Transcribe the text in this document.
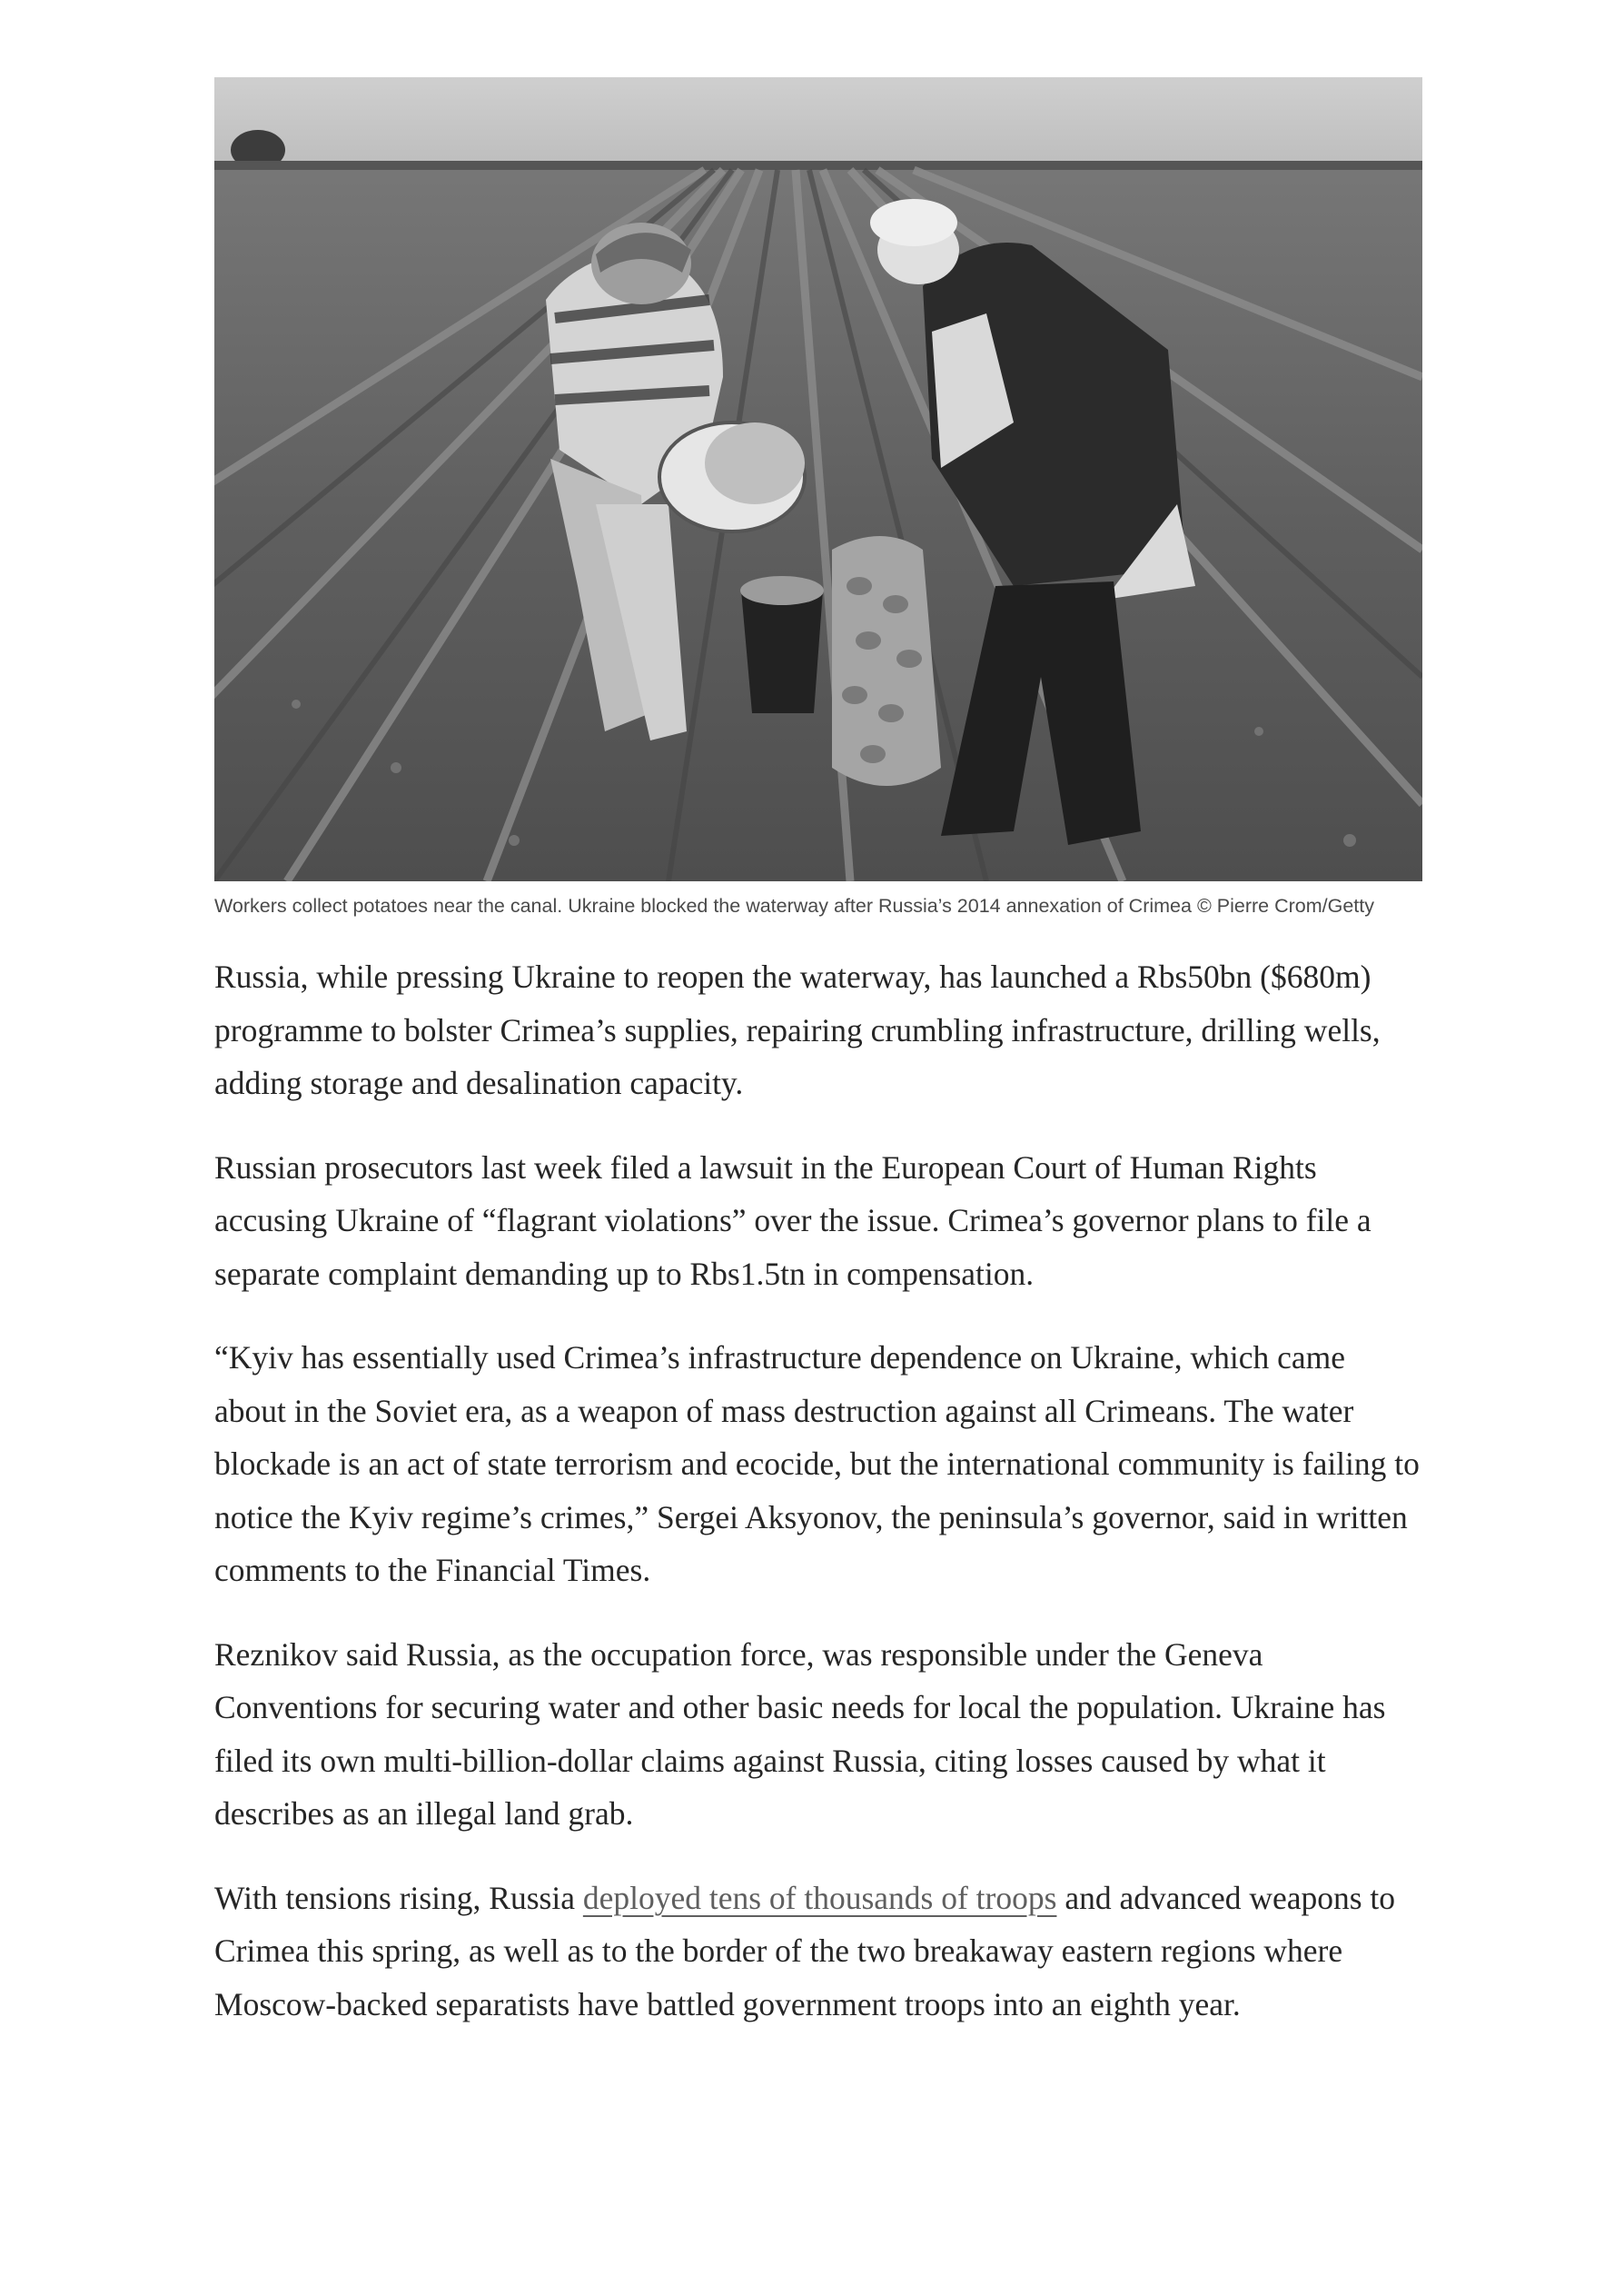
Workers collect potatoes near the canal. Ukraine blocked the waterway after Russia’s 2014 annexation of Crimea © Pierre Crom/Getty

Russia, while pressing Ukraine to reopen the waterway, has launched a Rbs50bn ($680m) programme to bolster Crimea’s supplies, repairing crumbling infrastructure, drilling wells, adding storage and desalination capacity.

Russian prosecutors last week filed a lawsuit in the European Court of Human Rights accusing Ukraine of “flagrant violations” over the issue. Crimea’s governor plans to file a separate complaint demanding up to Rbs1.5tn in compensation.

“Kyiv has essentially used Crimea’s infrastructure dependence on Ukraine, which came about in the Soviet era, as a weapon of mass destruction against all Crimeans. The water blockade is an act of state terrorism and ecocide, but the international community is failing to notice the Kyiv regime’s crimes,” Sergei Aksyonov, the peninsula’s governor, said in written comments to the Financial Times.

Reznikov said Russia, as the occupation force, was responsible under the Geneva Conventions for securing water and other basic needs for local the population. Ukraine has filed its own multi-billion-dollar claims against Russia, citing losses caused by what it describes as an illegal land grab.

With tensions rising, Russia deployed tens of thousands of troops and advanced weapons to Crimea this spring, as well as to the border of the two breakaway eastern regions where Moscow-backed separatists have battled government troops into an eighth year.
